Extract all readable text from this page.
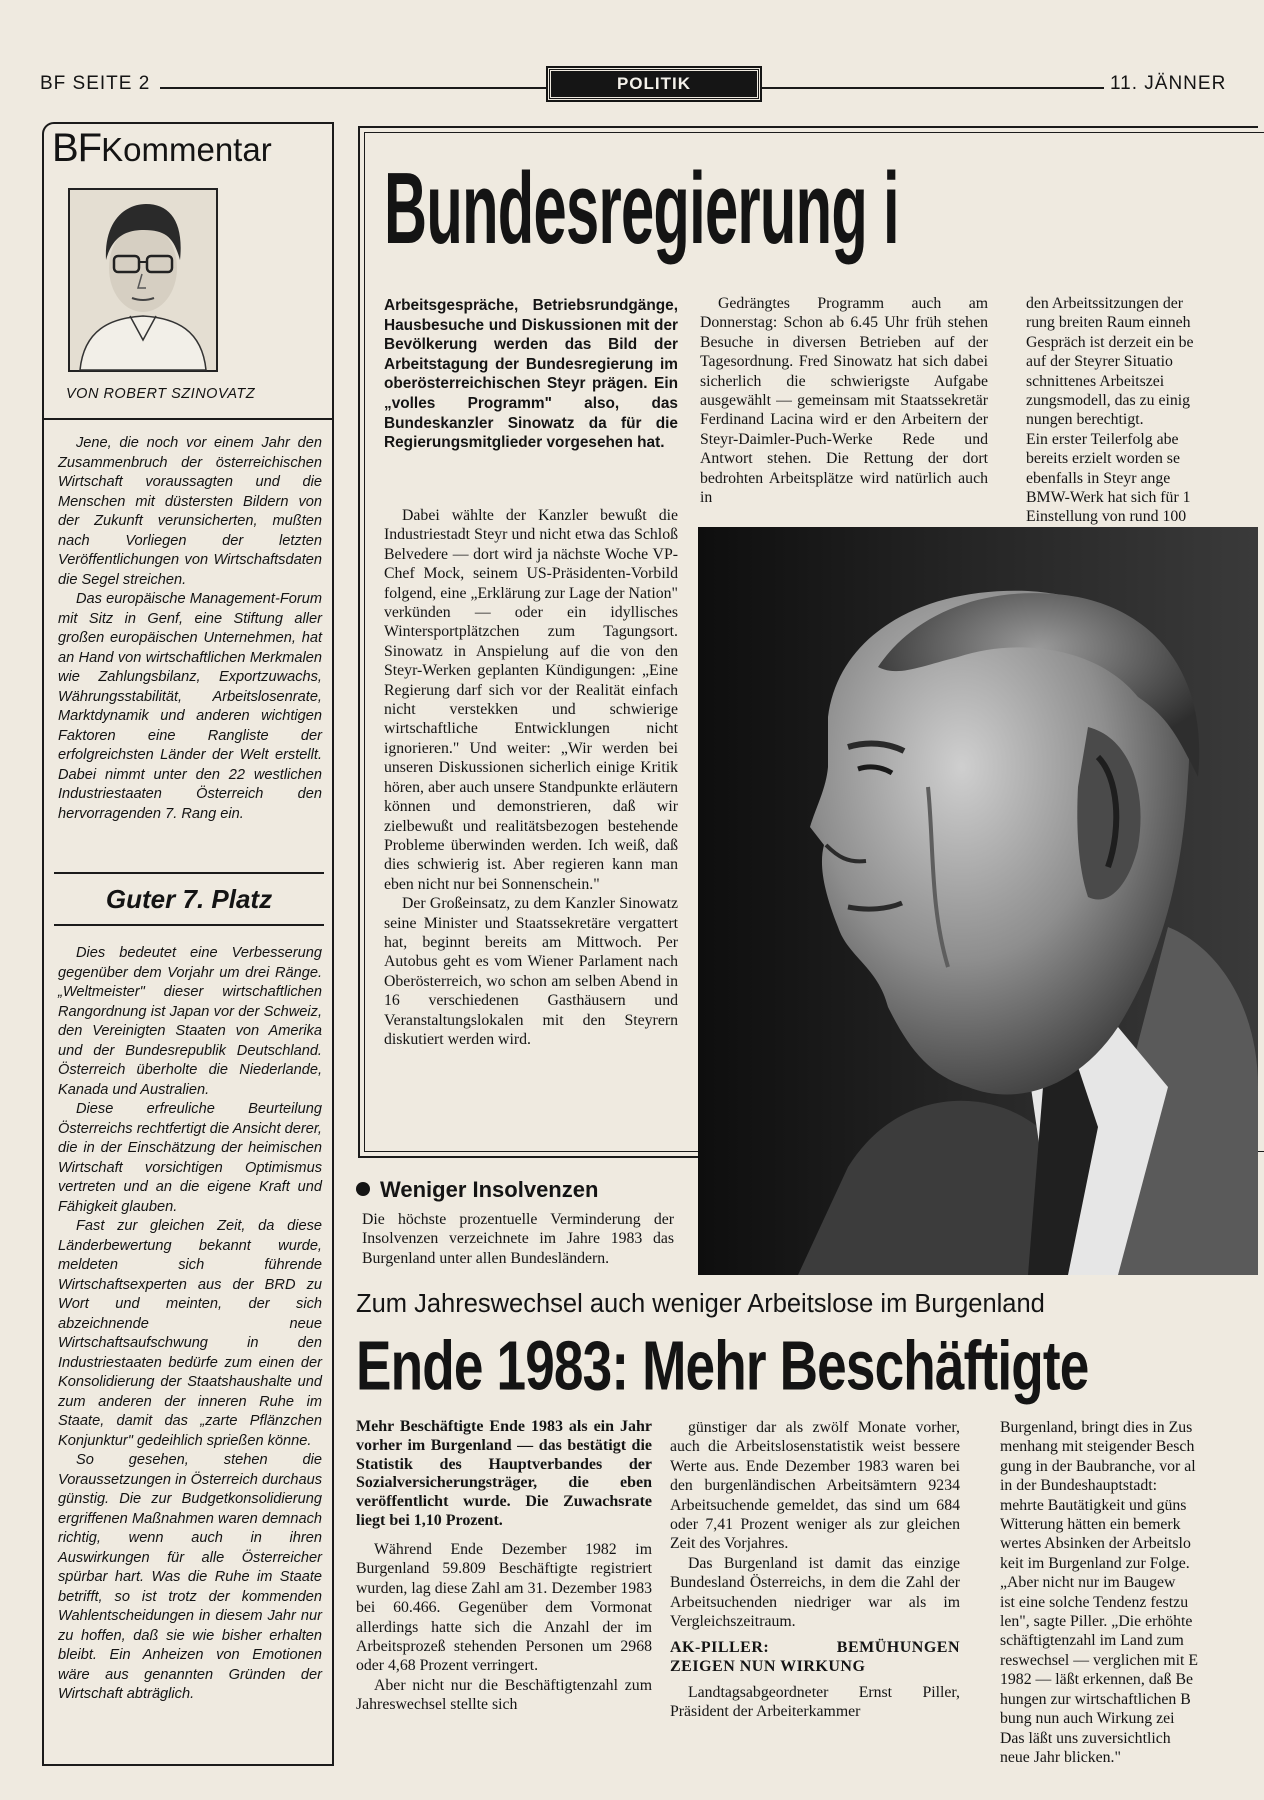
BF SEITE 2	POLITIK	11. JÄNNER
BFKommentar
VON ROBERT SZINOVATZ

Jene, die noch vor einem Jahr den Zusammenbruch der österreichischen Wirtschaft voraussagten und die Menschen mit düstersten Bildern von der Zukunft verunsicherten, mußten nach Vorliegen der letzten Veröffentlichungen von Wirtschaftsdaten die Segel streichen.

Das europäische Management-Forum mit Sitz in Genf, eine Stiftung aller großen europäischen Unternehmen, hat an Hand von wirtschaftlichen Merkmalen wie Zahlungsbilanz, Exportzuwachs, Währungsstabilität, Arbeitslosenrate, Marktdynamik und anderen wichtigen Faktoren eine Rangliste der erfolgreichsten Länder der Welt erstellt. Dabei nimmt unter den 22 westlichen Industriestaaten Österreich den hervorragenden 7. Rang ein.

Guter 7. Platz

Dies bedeutet eine Verbesserung gegenüber dem Vorjahr um drei Ränge. „Weltmeister" dieser wirtschaftlichen Rangordnung ist Japan vor der Schweiz, den Vereinigten Staaten von Amerika und der Bundesrepublik Deutschland. Österreich überholte die Niederlande, Kanada und Australien.

Diese erfreuliche Beurteilung Österreichs rechtfertigt die Ansicht derer, die in der Einschätzung der heimischen Wirtschaft vorsichtigen Optimismus vertreten und an die eigene Kraft und Fähigkeit glauben.

Fast zur gleichen Zeit, da diese Länderbewertung bekannt wurde, meldeten sich führende Wirtschaftsexperten aus der BRD zu Wort und meinten, der sich abzeichnende neue Wirtschaftsaufschwung in den Industriestaaten bedürfe zum einen der Konsolidierung der Staatshaushalte und zum anderen der inneren Ruhe im Staate, damit das „zarte Pflänzchen Konjunktur" gedeihlich sprießen könne.

So gesehen, stehen die Voraussetzungen in Österreich durchaus günstig. Die zur Budgetkonsolidierung ergriffenen Maßnahmen waren demnach richtig, wenn auch in ihren Auswirkungen für alle Österreicher spürbar hart. Was die Ruhe im Staate betrifft, so ist trotz der kommenden Wahlentscheidungen in diesem Jahr nur zu hoffen, daß sie wie bisher erhalten bleibt. Ein Anheizen von Emotionen wäre aus genannten Gründen der Wirtschaft abträglich.

Bundesregierung i
Arbeitsgespräche, Betriebsrundgänge, Hausbesuche und Diskussionen mit der Bevölkerung werden das Bild der Arbeitstagung der Bundesregierung im oberösterreichischen Steyr prägen. Ein „volles Programm" also, das Bundeskanzler Sinowatz da für die Regierungsmitglieder vorgesehen hat.

Dabei wählte der Kanzler bewußt die Industriestadt Steyr und nicht etwa das Schloß Belvedere — dort wird ja nächste Woche VP-Chef Mock, seinem US-Präsidenten-Vorbild folgend, eine „Erklärung zur Lage der Nation" verkünden — oder ein idyllisches Wintersportplätzchen zum Tagungsort. Sinowatz in Anspielung auf die von den Steyr-Werken geplanten Kündigungen: „Eine Regierung darf sich vor der Realität einfach nicht verstekken und schwierige wirtschaftliche Entwicklungen nicht ignorieren." Und weiter: „Wir werden bei unseren Diskussionen sicherlich einige Kritik hören, aber auch unsere Standpunkte erläutern können und demonstrieren, daß wir zielbewußt und realitätsbezogen bestehende Probleme überwinden werden. Ich weiß, daß dies schwierig ist. Aber regieren kann man eben nicht nur bei Sonnenschein."

Der Großeinsatz, zu dem Kanzler Sinowatz seine Minister und Staatssekretäre vergattert hat, beginnt bereits am Mittwoch. Per Autobus geht es vom Wiener Parlament nach Oberösterreich, wo schon am selben Abend in 16 verschiedenen Gasthäusern und Veranstaltungslokalen mit den Steyrern diskutiert werden wird.

Gedrängtes Programm auch am Donnerstag: Schon ab 6.45 Uhr früh stehen Besuche in diversen Betrieben auf der Tagesordnung. Fred Sinowatz hat sich dabei sicherlich die schwierigste Aufgabe ausgewählt — gemeinsam mit Staatssekretär Ferdinand Lacina wird er den Arbeitern der Steyr-Daimler-Puch-Werke Rede und Antwort stehen. Die Rettung der dort bedrohten Arbeitsplätze wird natürlich auch in

den Arbeitssitzungen der

rung breiten Raum einneh

Gespräch ist derzeit ein be

auf der Steyrer Situatio

schnittenes Arbeitszei

zungsmodell, das zu einig

nungen berechtigt.

Ein erster Teilerfolg abe

bereits erzielt worden se

ebenfalls in Steyr ange

BMW-Werk hat sich für 1

Einstellung von rund 100

Weniger Insolvenzen
Die höchste prozentuelle Verminderung der Insolvenzen verzeichnete im Jahre 1983 das Burgenland unter allen Bundesländern.
Zum Jahreswechsel auch weniger Arbeitslose im Burgenland
Ende 1983: Mehr Beschäftigte
Mehr Beschäftigte Ende 1983 als ein Jahr vorher im Burgenland — das bestätigt die Statistik des Hauptverbandes der Sozialversicherungsträger, die eben veröffentlicht wurde. Die Zuwachsrate liegt bei 1,10 Prozent.

Während Ende Dezember 1982 im Burgenland 59.809 Beschäftigte registriert wurden, lag diese Zahl am 31. Dezember 1983 bei 60.466. Gegenüber dem Vormonat allerdings hatte sich die Anzahl der im Arbeitsprozeß stehenden Personen um 2968 oder 4,68 Prozent verringert.

Aber nicht nur die Beschäftigtenzahl zum Jahreswechsel stellte sich

günstiger dar als zwölf Monate vorher, auch die Arbeitslosenstatistik weist bessere Werte aus. Ende Dezember 1983 waren bei den burgenländischen Arbeitsämtern 9234 Arbeitsuchende gemeldet, das sind um 684 oder 7,41 Prozent weniger als zur gleichen Zeit des Vorjahres.

Das Burgenland ist damit das einzige Bundesland Österreichs, in dem die Zahl der Arbeitsuchenden niedriger war als im Vergleichszeitraum.

AK-PILLER: BEMÜHUNGEN ZEIGEN NUN WIRKUNG

Landtagsabgeordneter Ernst Piller, Präsident der Arbeiterkammer

Burgenland, bringt dies in Zus

menhang mit steigender Besch

gung in der Baubranche, vor al

in der Bundeshauptstadt:

mehrte Bautätigkeit und güns

Witterung hätten ein bemerk

wertes Absinken der Arbeitslo

keit im Burgenland zur Folge.

„Aber nicht nur im Baugew

ist eine solche Tendenz festzu

len", sagte Piller. „Die erhöhte

schäftigtenzahl im Land zum

reswechsel — verglichen mit E

1982 — läßt erkennen, daß Be

hungen zur wirtschaftlichen B

bung nun auch Wirkung zei

Das läßt uns zuversichtlich

neue Jahr blicken."
